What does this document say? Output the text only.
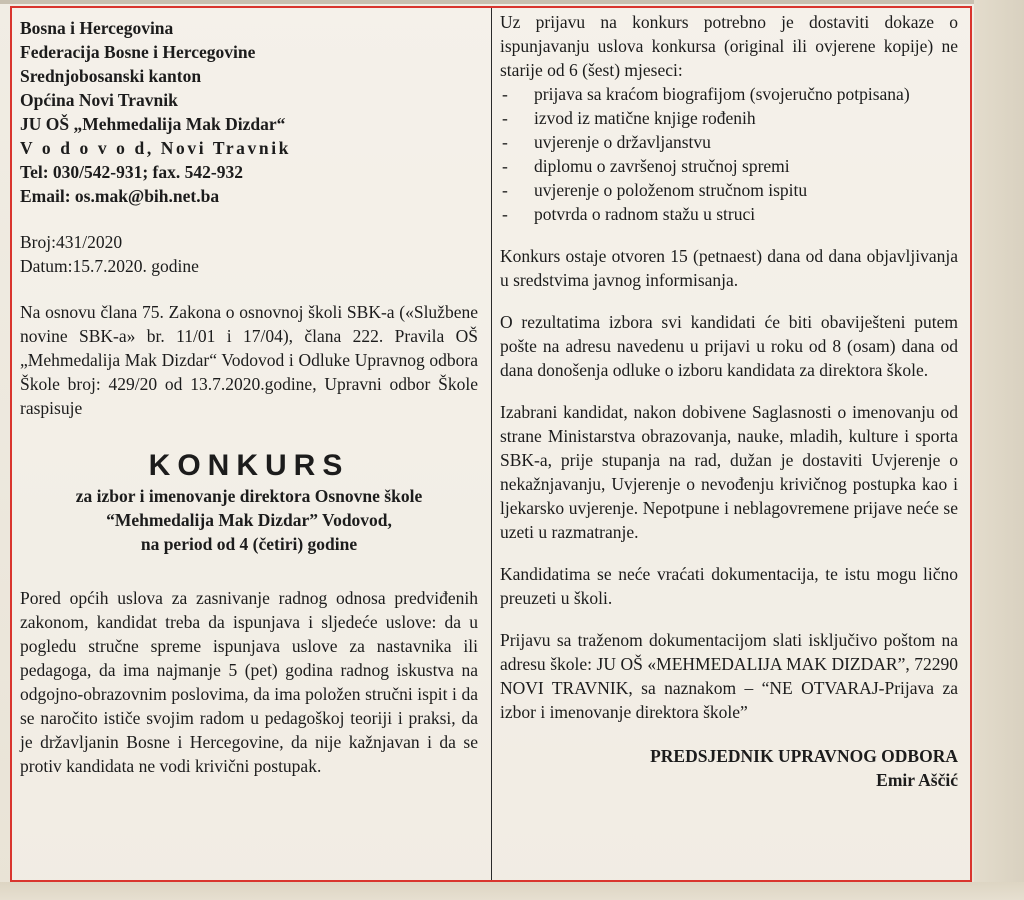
Bosna i Hercegovina
Federacija Bosne i Hercegovine
Srednjobosanski kanton
Općina Novi Travnik
JU OŠ „Mehmedalija Mak Dizdar“
V o d o v o d, Novi Travnik
Tel: 030/542-931; fax. 542-932
Email: os.mak@bih.net.ba
Broj:431/2020
Datum:15.7.2020. godine

Na osnovu člana 75. Zakona o osnovnoj školi SBK-a («Službene novine SBK-a» br. 11/01 i 17/04), člana 222. Pravila OŠ „Mehmedalija Mak Dizdar“ Vodovod i Odluke Upravnog odbora Škole broj: 429/20 od 13.7.2020.godine, Upravni odbor Škole raspisuje

KONKURS
za izbor i imenovanje direktora Osnovne škole
“Mehmedalija Mak Dizdar” Vodovod,
na period od 4 (četiri) godine

Pored općih uslova za zasnivanje radnog odnosa predviđenih zakonom, kandidat treba da ispunjava i sljedeće uslove: da u pogledu stručne spreme ispunjava uslove za nastavnika ili pedagoga, da ima najmanje 5 (pet) godina radnog iskustva na odgojno-obrazovnim poslovima, da ima položen stručni ispit i da se naročito ističe svojim radom u pedagoškoj teoriji i praksi, da je državljanin Bosne i Hercegovine, da nije kažnjavan i da se protiv kandidata ne vodi krivični postupak.

Uz prijavu na konkurs potrebno je dostaviti dokaze o ispunjavanju uslova konkursa (original ili ovjerene kopije) ne starije od 6 (šest) mjeseci:

- prijava sa kraćom biografijom (svojeručno potpisana)
- izvod iz matične knjige rođenih
- uvjerenje o državljanstvu
- diplomu o završenoj stručnoj spremi
- uvjerenje o položenom stručnom ispitu
- potvrda o radnom stažu u struci

Konkurs ostaje otvoren 15 (petnaest) dana od dana objavljivanja u sredstvima javnog informisanja.

O rezultatima izbora svi kandidati će biti obaviješteni putem pošte na adresu navedenu u prijavi u roku od 8 (osam) dana od dana donošenja odluke o izboru kandidata za direktora škole.

Izabrani kandidat, nakon dobivene Saglasnosti o imenovanju od strane Ministarstva obrazovanja, nauke, mladih, kulture i sporta SBK-a, prije stupanja na rad, dužan je dostaviti Uvjerenje o nekažnjavanju, Uvjerenje o nevođenju krivičnog postupka kao i ljekarsko uvjerenje. Nepotpune i neblagovremene prijave neće se uzeti u razmatranje.

Kandidatima se neće vraćati dokumentacija, te istu mogu lično preuzeti u školi.

Prijavu sa traženom dokumentacijom slati isključivo poštom na adresu škole: JU OŠ «MEHMEDALIJA MAK DIZDAR”, 72290 NOVI TRAVNIK, sa naznakom – “NE OTVARAJ-Prijava za izbor i imenovanje direktora škole”

PREDSJEDNIK UPRAVNOG ODBORA
Emir Aščić
